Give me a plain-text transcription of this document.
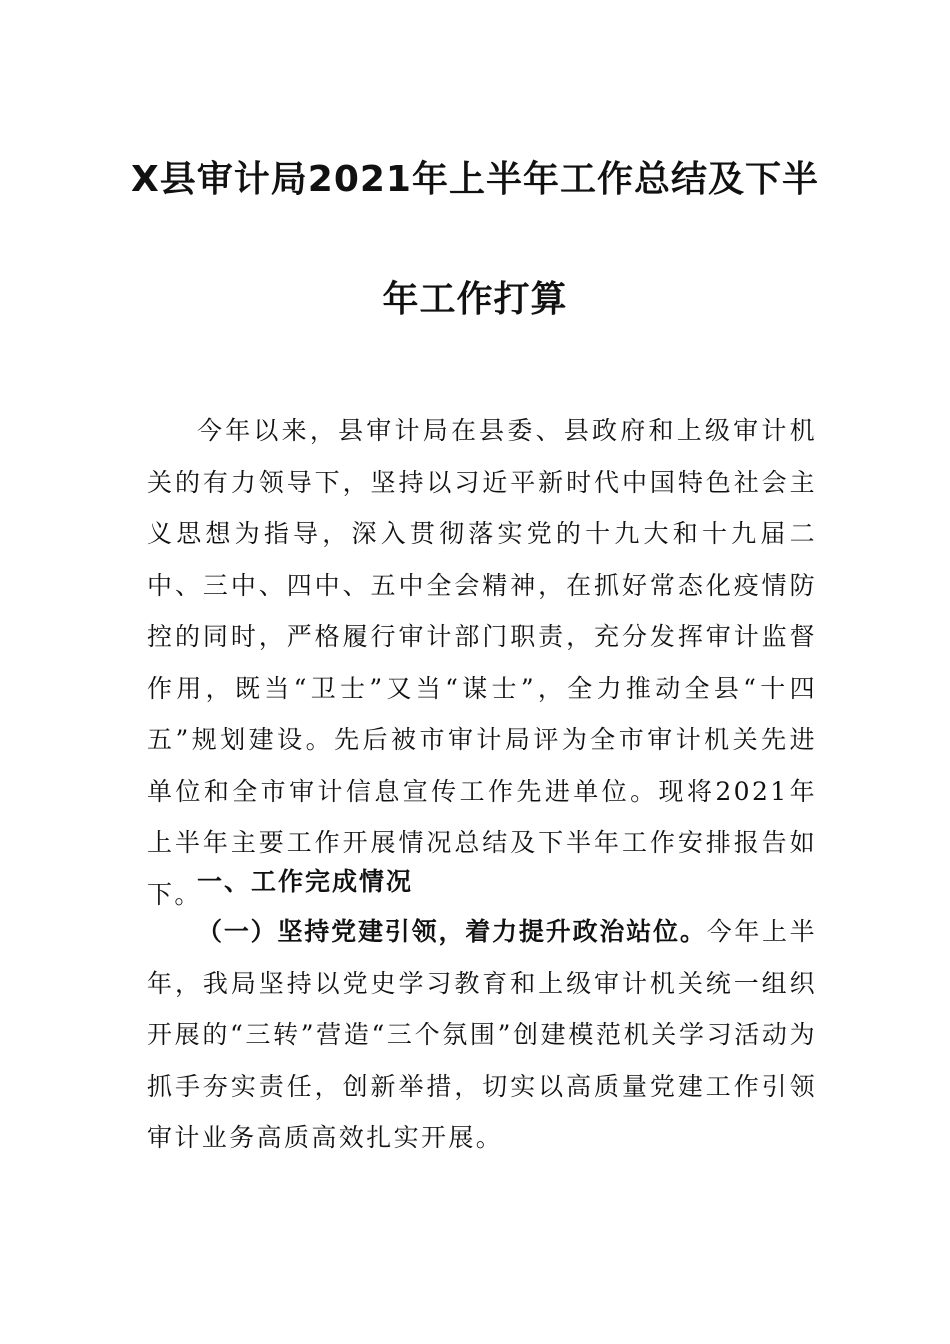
X县审计局2021年上半年工作总结及下半
年工作打算

今年以来，县审计局在县委、县政府和上级审计机关的有力领导下，坚持以习近平新时代中国特色社会主义思想为指导，深入贯彻落实党的十九大和十九届二中、三中、四中、五中全会精神，在抓好常态化疫情防控的同时，严格履行审计部门职责，充分发挥审计监督作用，既当“卫士”又当“谋士”，全力推动全县“十四五”规划建设。先后被市审计局评为全市审计机关先进单位和全市审计信息宣传工作先进单位。现将2021年上半年主要工作开展情况总结及下半年工作安排报告如下。

一、工作完成情况

（一）坚持党建引领，着力提升政治站位。今年上半年，我局坚持以党史学习教育和上级审计机关统一组织开展的“三转”营造“三个氛围”创建模范机关学习活动为抓手夯实责任，创新举措，切实以高质量党建工作引领审计业务高质高效扎实开展。
